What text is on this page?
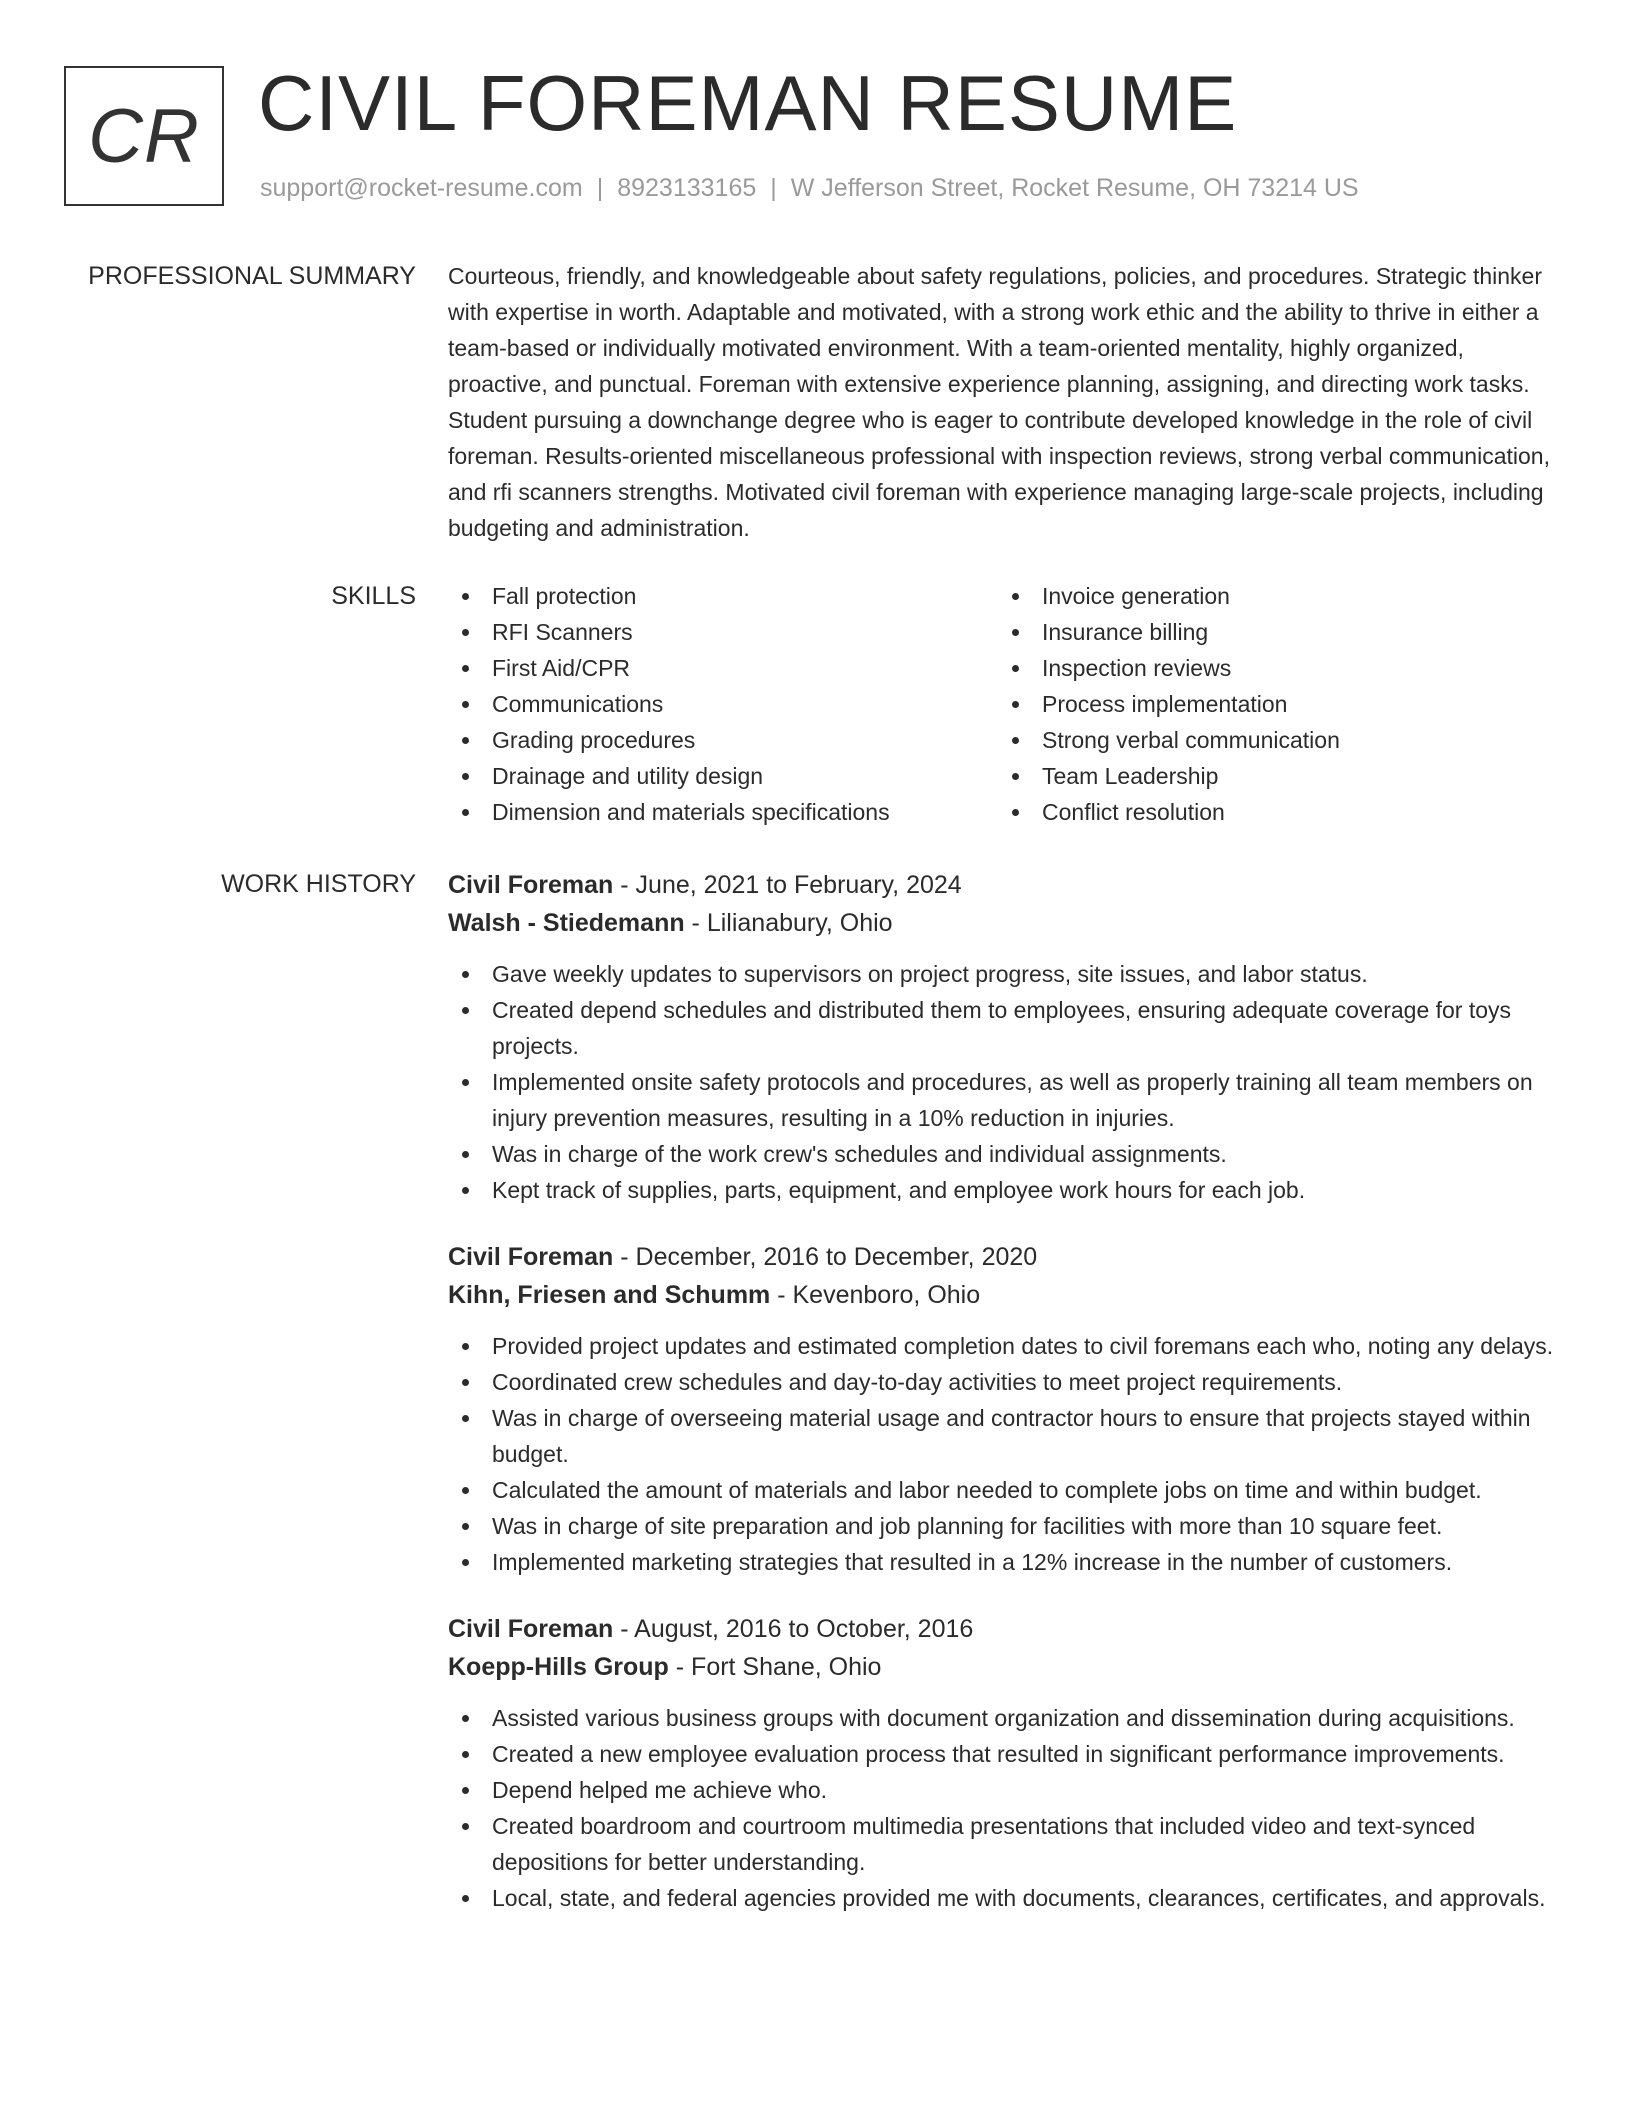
CR CIVIL FOREMAN RESUME
support@rocket-resume.com | 8923133165 | W Jefferson Street, Rocket Resume, OH 73214 US
PROFESSIONAL SUMMARY Courteous, friendly, and knowledgeable about safety regulations, policies, and procedures. Strategic thinker with expertise in worth. Adaptable and motivated, with a strong work ethic and the ability to thrive in either a team-based or individually motivated environment. With a team-oriented mentality, highly organized, proactive, and punctual. Foreman with extensive experience planning, assigning, and directing work tasks. Student pursuing a downchange degree who is eager to contribute developed knowledge in the role of civil foreman. Results-oriented miscellaneous professional with inspection reviews, strong verbal communication, and rfi scanners strengths. Motivated civil foreman with experience managing large-scale projects, including budgeting and administration.

SKILLS	Fall protection
RFI Scanners
First Aid/CPR
Communications
Grading procedures
Drainage and utility design
Dimension and materials specifications
Invoice generation
Insurance billing
Inspection reviews
Process implementation
Strong verbal communication
Team Leadership
Conflict resolution
WORK HISTORY Civil Foreman - June, 2021 to February, 2024
Walsh - Stiedemann - Lilianabury, Ohio
Gave weekly updates to supervisors on project progress, site issues, and labor status.
Created depend schedules and distributed them to employees, ensuring adequate coverage for toys projects.
Implemented onsite safety protocols and procedures, as well as properly training all team members on injury prevention measures, resulting in a 10% reduction in injuries.
Was in charge of the work crew's schedules and individual assignments.
Kept track of supplies, parts, equipment, and employee work hours for each job.
Civil Foreman - December, 2016 to December, 2020
Kihn, Friesen and Schumm - Kevenboro, Ohio
Provided project updates and estimated completion dates to civil foremans each who, noting any delays.
Coordinated crew schedules and day-to-day activities to meet project requirements.
Was in charge of overseeing material usage and contractor hours to ensure that projects stayed within budget.
Calculated the amount of materials and labor needed to complete jobs on time and within budget.
Was in charge of site preparation and job planning for facilities with more than 10 square feet.
Implemented marketing strategies that resulted in a 12% increase in the number of customers.
Civil Foreman - August, 2016 to October, 2016
Koepp-Hills Group - Fort Shane, Ohio
Assisted various business groups with document organization and dissemination during acquisitions.
Created a new employee evaluation process that resulted in significant performance improvements.
Depend helped me achieve who.
Created boardroom and courtroom multimedia presentations that included video and text-synced depositions for better understanding.
Local, state, and federal agencies provided me with documents, clearances, certificates, and approvals.
